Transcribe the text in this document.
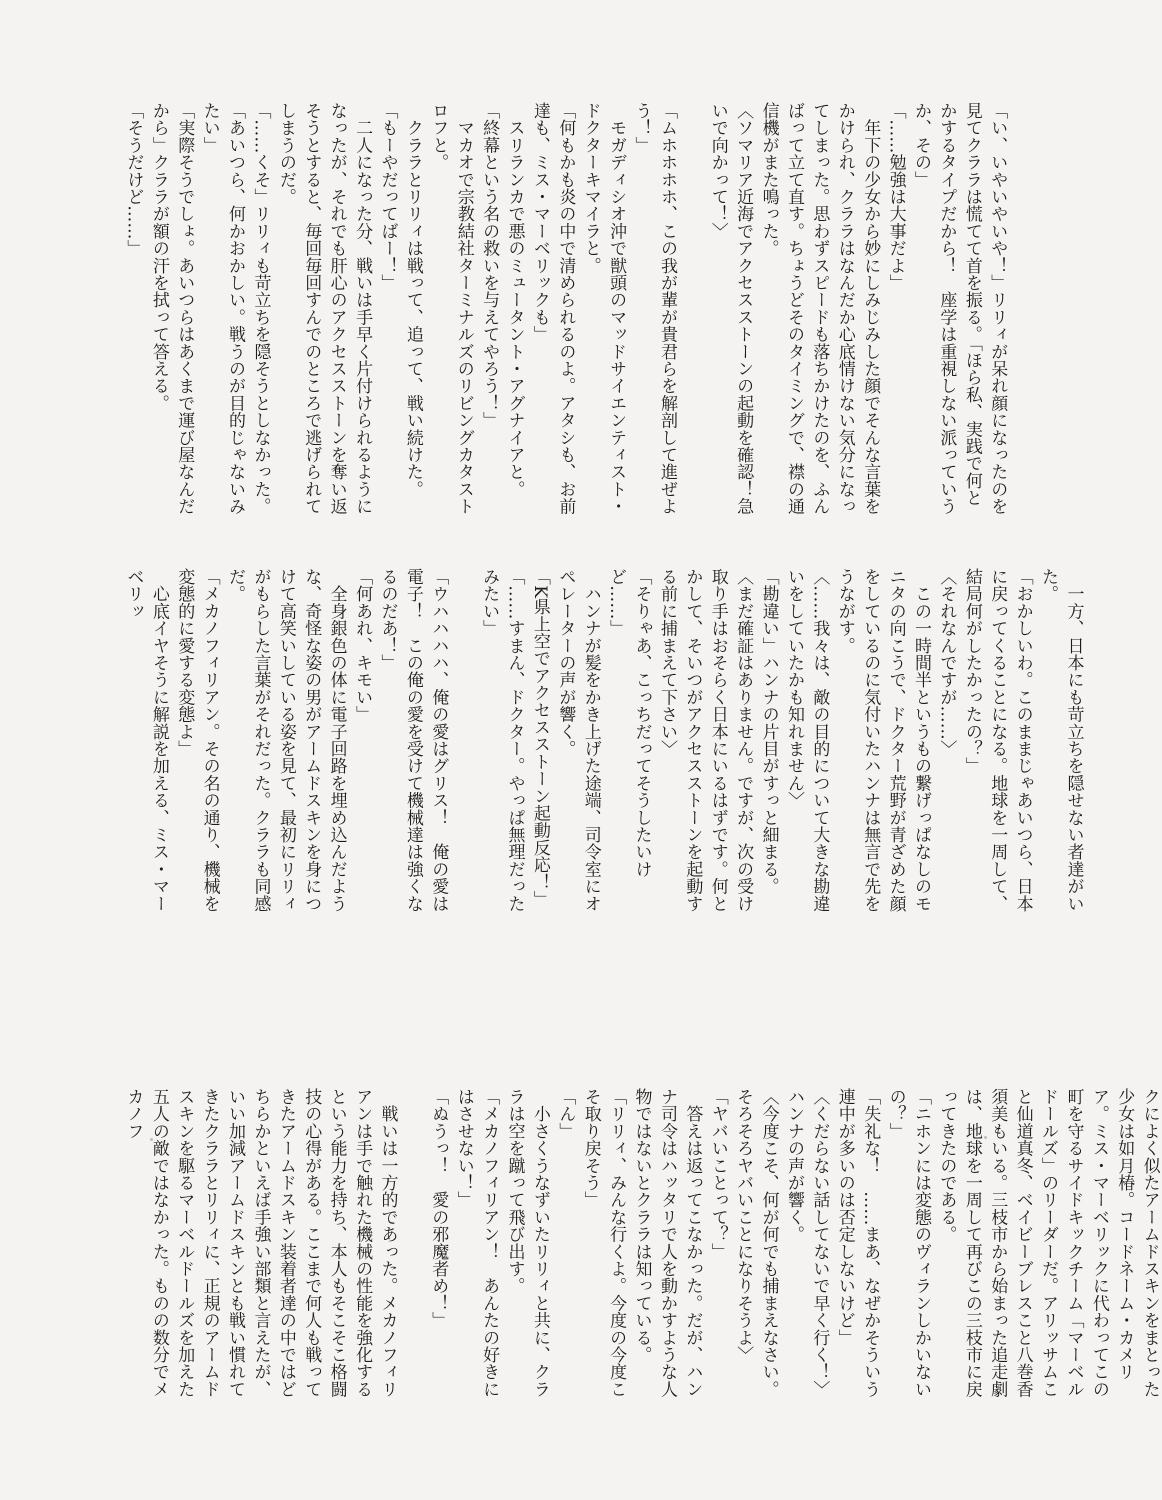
「い、いやいやいや！」リリィが呆れ顔になったのを見てクララは慌てて首を振る。「ほら私、実践で何とかするタイプだから！　座学は重視しない派っていうか、その」

「……勉強は大事だよ」

　年下の少女から妙にしみじみした顔でそんな言葉をかけられ、クララはなんだか心底情けない気分になってしまった。思わずスピードも落ちかけたのを、ふんばって立て直す。ちょうどそのタイミングで、襟の通信機がまた鳴った。

〈ソマリア近海でアクセスストーンの起動を確認！急いで向かって！〉

「ムホホホホ、この我が輩が貴君らを解剖して進ぜよう！」

　モガディシオ沖で獣頭のマッドサイエンティスト・ドクターキマイラと。

「何もかも炎の中で清められるのよ。アタシも、お前達も、ミス・マーベリックも」

　スリランカで悪のミュータント・アグナイアと。

「終幕という名の救いを与えてやろう！」

　マカオで宗教結社ターミナルズのリビングカタストロフと。

　クララとリリィは戦って、追って、戦い続けた。

「もーやだってばー！」

　二人になった分、戦いは手早く片付けられるようになったが、それでも肝心のアクセスストーンを奪い返そうとすると、毎回毎回すんでのところで逃げられてしまうのだ。

「……くそ」リリィも苛立ちを隠そうとしなかった。

「あいつら、何かおかしい。戦うのが目的じゃないみたい」

「実際そうでしょ。あいつらはあくまで運び屋なんだから」クララが額の汗を拭って答える。

「そうだけど……」

　一方、日本にも苛立ちを隠せない者達がいた。

「おかしいわ。このままじゃあいつら、日本に戻ってくることになる。地球を一周して、結局何がしたかったの？」

〈それなんですが……〉

　この一時間半というもの繋げっぱなしのモニタの向こうで、ドクター荒野が青ざめた顔をしているのに気付いたハンナは無言で先をうながす。

〈……我々は、敵の目的について大きな勘違いをしていたかも知れません〉

「勘違い」ハンナの片目がすっと細まる。

〈まだ確証はありません。ですが、次の受け取り手はおそらく日本にいるはずです。何とかして、そいつがアクセスストーンを起動する前に捕まえて下さい〉

「そりゃあ、こっちだってそうしたいけど……」

　ハンナが髪をかき上げた途端、司令室にオペレーターの声が響く。

「K県上空でアクセスストーン起動反応！」

「……すまん、ドクター。やっぱ無理だったみたい」

「ウハハハハ、俺の愛はグリス！　俺の愛は電子！　この俺の愛を受けて機械達は強くなるのだあ！」

「何あれ、キモい」

　全身銀色の体に電子回路を埋め込んだような、奇怪な姿の男がアームドスキンを身につけて高笑いしている姿を見て、最初にリリィがもらした言葉がそれだった。クララも同感だ。

「メカノフィリアン。その名の通り、機械を変態的に愛する変態よ」

　心底イヤそうに解説を加える、ミス・マーベリッ

クによく似たアームドスキンをまとった少女は如月椿。コードネーム・カメリア。ミス・マーベリックに代わってこの町を守るサイドキックチーム「マーベルドールズ」のリーダーだ。アリッサムこと仙道真冬、ベイビーブレスこと八巻香須美もいる。三枝市から始まった追走劇は、地球を一周して再びこの三枝市に戻ってきたのである。

「ニホンには変態のヴィランしかいないの？」

「失礼な！　……まあ、なぜかそういう連中が多いのは否定しないけど」

〈くだらない話してないで早く行く！〉ハンナの声が響く。

〈今度こそ、何が何でも捕まえなさい。そろそろヤバいことになりそうよ〉

「ヤバいことって？」

　答えは返ってこなかった。だが、ハンナ司令はハッタリで人を動かすような人物ではないとクララは知っている。

「リリィ、みんな行くよ。今度の今度こそ取り戻そう」

「ん」

　小さくうなずいたリリィと共に、クララは空を蹴って飛び出す。

「メカノフィリアン！　あんたの好きにはさせない！」

「ぬうっ！　愛の邪魔者め！」

　戦いは一方的であった。メカノフィリアンは手で触れた機械の性能を強化するという能力を持ち、本人もそこそこ格闘技の心得がある。ここまで何人も戦ってきたアームドスキン装着者達の中ではどちらかといえば手強い部類と言えたが、いい加減アームドスキンとも戦い慣れてきたクララとリリィに、正規のアームドスキンを駆るマーベルドールズを加えた五人の敵ではなかった。ものの数分でメカノフ
